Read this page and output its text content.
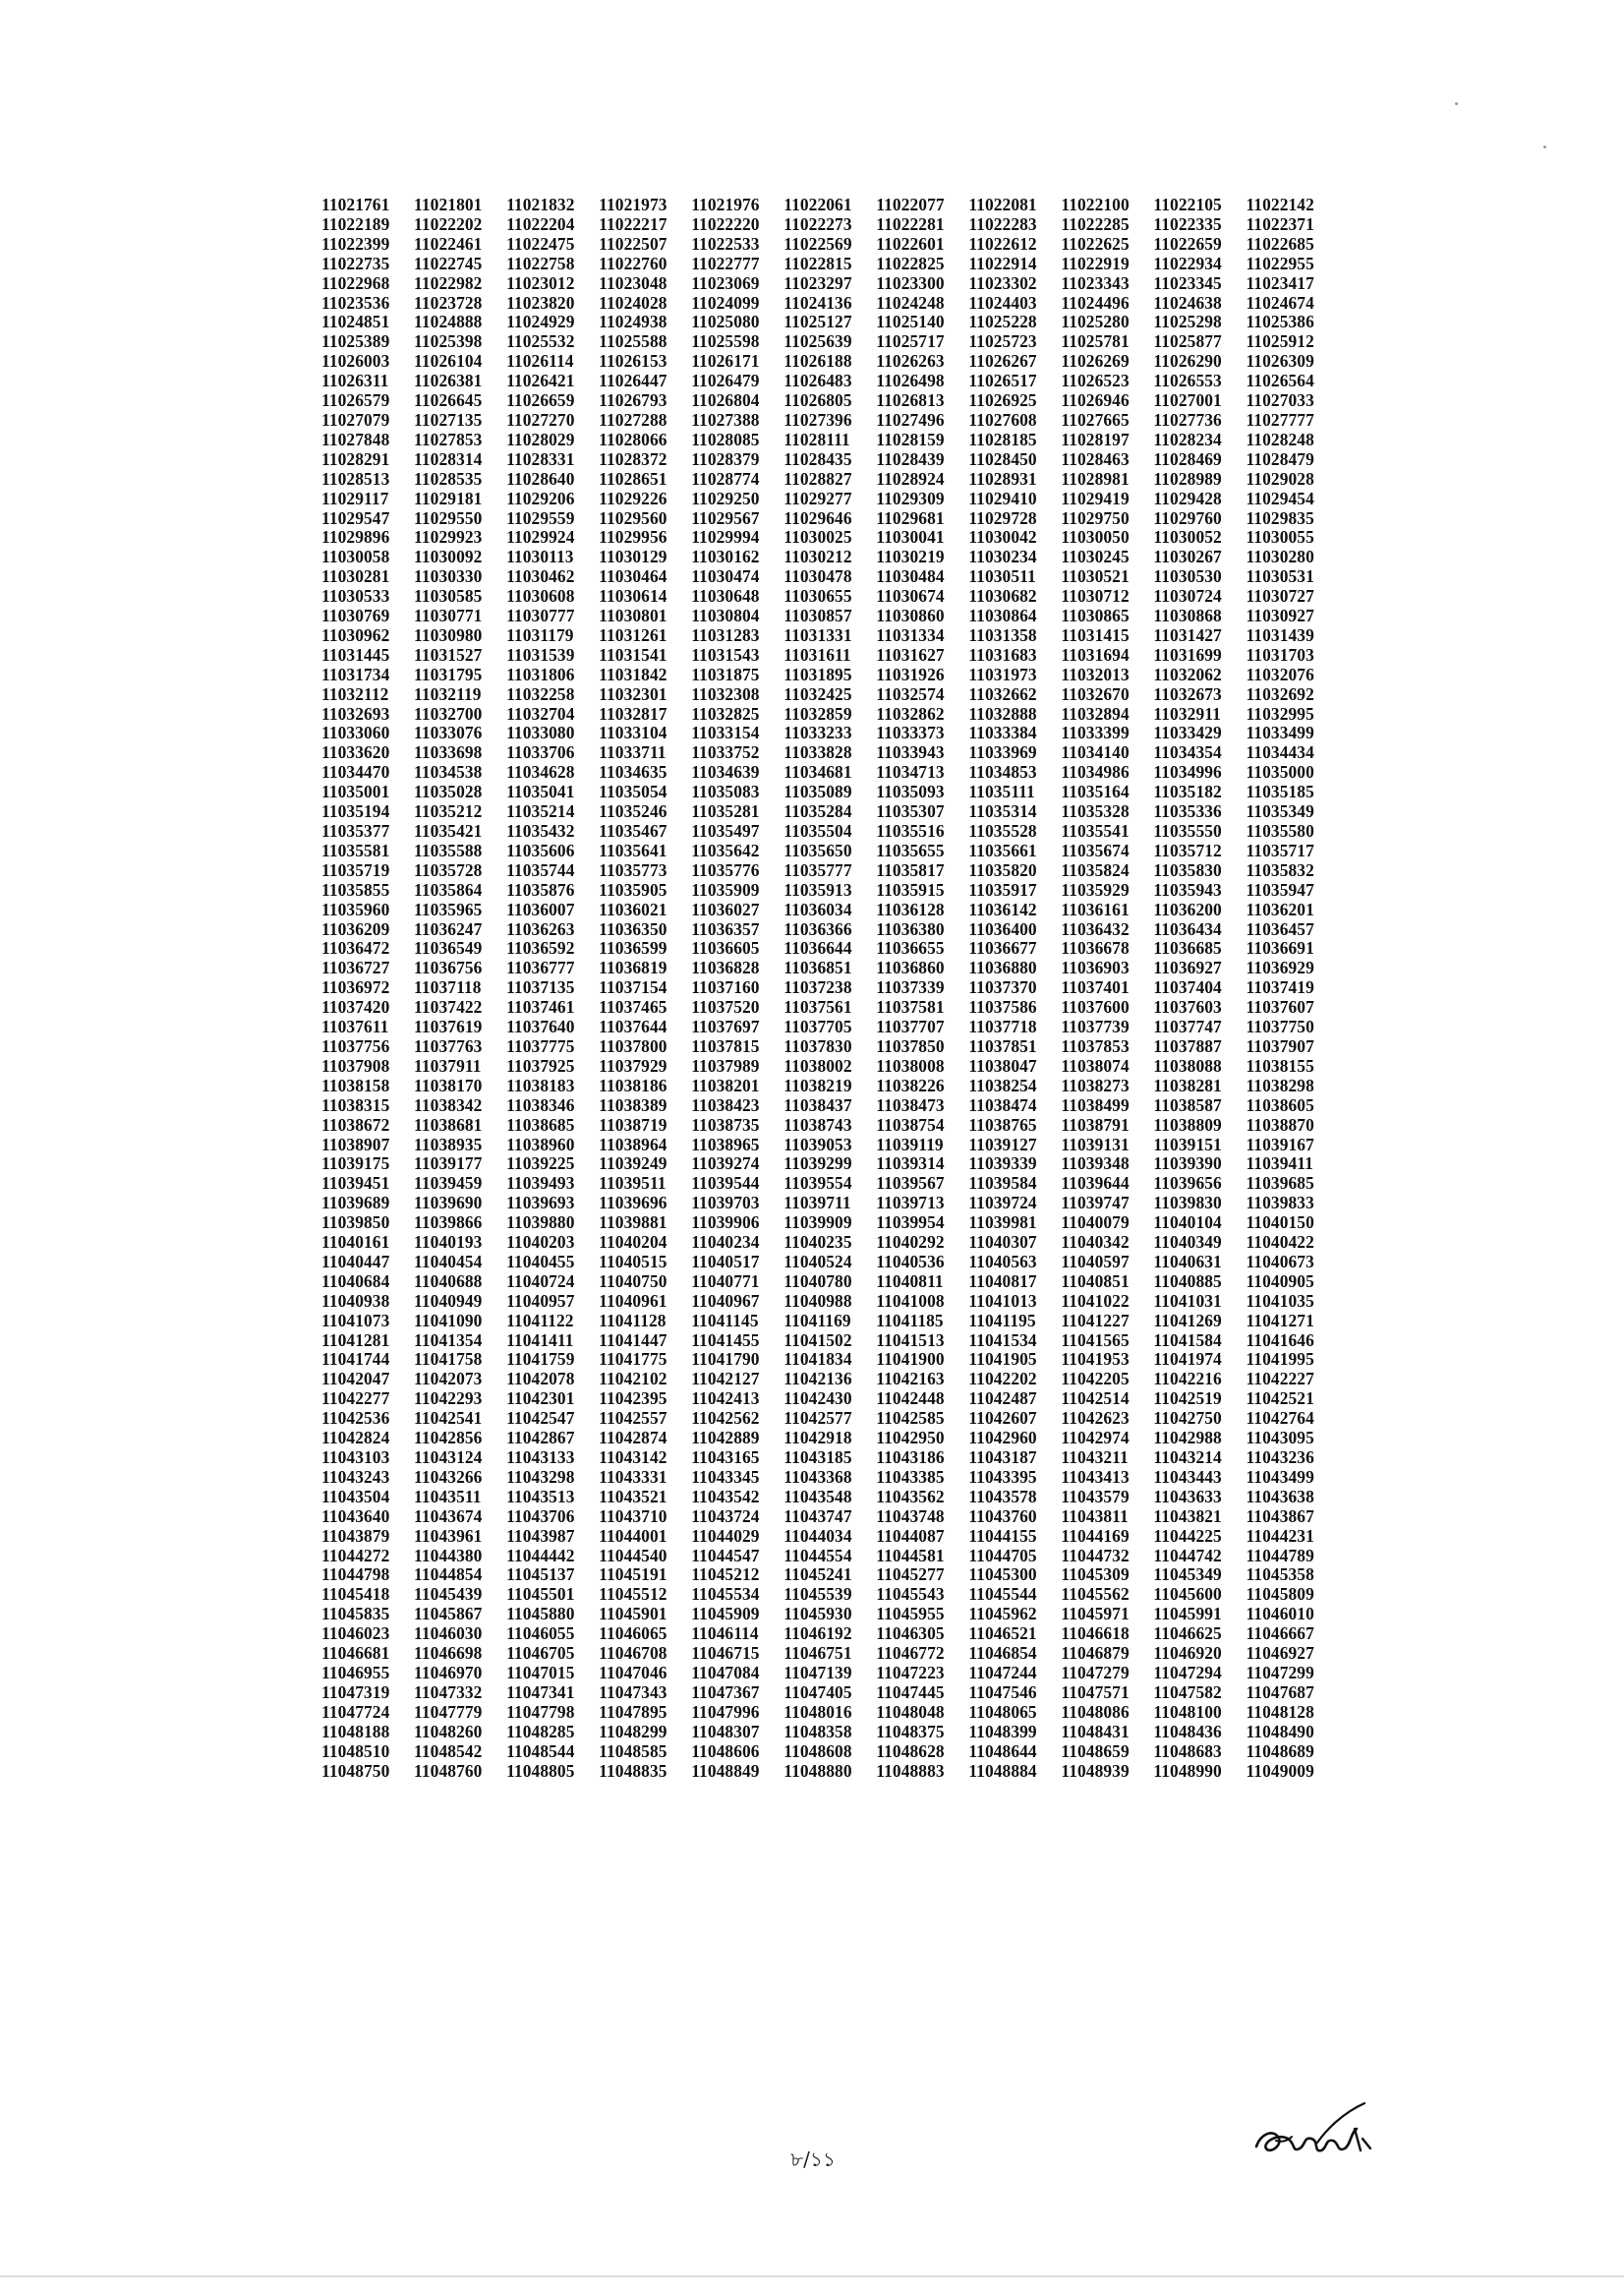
11021761 11021801 11021832 11021973 11021976 11022061 11022077 11022081 11022100 11022105 11022142
11022189 11022202 11022204 11022217 11022220 11022273 11022281 11022283 11022285 11022335 11022371
11022399 11022461 11022475 11022507 11022533 11022569 11022601 11022612 11022625 11022659 11022685
11022735 11022745 11022758 11022760 11022777 11022815 11022825 11022914 11022919 11022934 11022955
11022968 11022982 11023012 11023048 11023069 11023297 11023300 11023302 11023343 11023345 11023417
11023536 11023728 11023820 11024028 11024099 11024136 11024248 11024403 11024496 11024638 11024674
11024851 11024888 11024929 11024938 11025080 11025127 11025140 11025228 11025280 11025298 11025386
11025389 11025398 11025532 11025588 11025598 11025639 11025717 11025723 11025781 11025877 11025912
11026003 11026104 11026114 11026153 11026171 11026188 11026263 11026267 11026269 11026290 11026309
11026311 11026381 11026421 11026447 11026479 11026483 11026498 11026517 11026523 11026553 11026564
11026579 11026645 11026659 11026793 11026804 11026805 11026813 11026925 11026946 11027001 11027033
11027079 11027135 11027270 11027288 11027388 11027396 11027496 11027608 11027665 11027736 11027777
11027848 11027853 11028029 11028066 11028085 11028111 11028159 11028185 11028197 11028234 11028248
11028291 11028314 11028331 11028372 11028379 11028435 11028439 11028450 11028463 11028469 11028479
11028513 11028535 11028640 11028651 11028774 11028827 11028924 11028931 11028981 11028989 11029028
11029117 11029181 11029206 11029226 11029250 11029277 11029309 11029410 11029419 11029428 11029454
11029547 11029550 11029559 11029560 11029567 11029646 11029681 11029728 11029750 11029760 11029835
11029896 11029923 11029924 11029956 11029994 11030025 11030041 11030042 11030050 11030052 11030055
11030058 11030092 11030113 11030129 11030162 11030212 11030219 11030234 11030245 11030267 11030280
11030281 11030330 11030462 11030464 11030474 11030478 11030484 11030511 11030521 11030530 11030531
11030533 11030585 11030608 11030614 11030648 11030655 11030674 11030682 11030712 11030724 11030727
11030769 11030771 11030777 11030801 11030804 11030857 11030860 11030864 11030865 11030868 11030927
11030962 11030980 11031179 11031261 11031283 11031331 11031334 11031358 11031415 11031427 11031439
11031445 11031527 11031539 11031541 11031543 11031611 11031627 11031683 11031694 11031699 11031703
11031734 11031795 11031806 11031842 11031875 11031895 11031926 11031973 11032013 11032062 11032076
11032112 11032119 11032258 11032301 11032308 11032425 11032574 11032662 11032670 11032673 11032692
11032693 11032700 11032704 11032817 11032825 11032859 11032862 11032888 11032894 11032911 11032995
11033060 11033076 11033080 11033104 11033154 11033233 11033373 11033384 11033399 11033429 11033499
11033620 11033698 11033706 11033711 11033752 11033828 11033943 11033969 11034140 11034354 11034434
11034470 11034538 11034628 11034635 11034639 11034681 11034713 11034853 11034986 11034996 11035000
11035001 11035028 11035041 11035054 11035083 11035089 11035093 11035111 11035164 11035182 11035185
11035194 11035212 11035214 11035246 11035281 11035284 11035307 11035314 11035328 11035336 11035349
11035377 11035421 11035432 11035467 11035497 11035504 11035516 11035528 11035541 11035550 11035580
11035581 11035588 11035606 11035641 11035642 11035650 11035655 11035661 11035674 11035712 11035717
11035719 11035728 11035744 11035773 11035776 11035777 11035817 11035820 11035824 11035830 11035832
11035855 11035864 11035876 11035905 11035909 11035913 11035915 11035917 11035929 11035943 11035947
11035960 11035965 11036007 11036021 11036027 11036034 11036128 11036142 11036161 11036200 11036201
11036209 11036247 11036263 11036350 11036357 11036366 11036380 11036400 11036432 11036434 11036457
11036472 11036549 11036592 11036599 11036605 11036644 11036655 11036677 11036678 11036685 11036691
11036727 11036756 11036777 11036819 11036828 11036851 11036860 11036880 11036903 11036927 11036929
11036972 11037118 11037135 11037154 11037160 11037238 11037339 11037370 11037401 11037404 11037419
11037420 11037422 11037461 11037465 11037520 11037561 11037581 11037586 11037600 11037603 11037607
11037611 11037619 11037640 11037644 11037697 11037705 11037707 11037718 11037739 11037747 11037750
11037756 11037763 11037775 11037800 11037815 11037830 11037850 11037851 11037853 11037887 11037907
11037908 11037911 11037925 11037929 11037989 11038002 11038008 11038047 11038074 11038088 11038155
11038158 11038170 11038183 11038186 11038201 11038219 11038226 11038254 11038273 11038281 11038298
11038315 11038342 11038346 11038389 11038423 11038437 11038473 11038474 11038499 11038587 11038605
11038672 11038681 11038685 11038719 11038735 11038743 11038754 11038765 11038791 11038809 11038870
11038907 11038935 11038960 11038964 11038965 11039053 11039119 11039127 11039131 11039151 11039167
11039175 11039177 11039225 11039249 11039274 11039299 11039314 11039339 11039348 11039390 11039411
11039451 11039459 11039493 11039511 11039544 11039554 11039567 11039584 11039644 11039656 11039685
11039689 11039690 11039693 11039696 11039703 11039711 11039713 11039724 11039747 11039830 11039833
11039850 11039866 11039880 11039881 11039906 11039909 11039954 11039981 11040079 11040104 11040150
11040161 11040193 11040203 11040204 11040234 11040235 11040292 11040307 11040342 11040349 11040422
11040447 11040454 11040455 11040515 11040517 11040524 11040536 11040563 11040597 11040631 11040673
11040684 11040688 11040724 11040750 11040771 11040780 11040811 11040817 11040851 11040885 11040905
11040938 11040949 11040957 11040961 11040967 11040988 11041008 11041013 11041022 11041031 11041035
11041073 11041090 11041122 11041128 11041145 11041169 11041185 11041195 11041227 11041269 11041271
11041281 11041354 11041411 11041447 11041455 11041502 11041513 11041534 11041565 11041584 11041646
11041744 11041758 11041759 11041775 11041790 11041834 11041900 11041905 11041953 11041974 11041995
11042047 11042073 11042078 11042102 11042127 11042136 11042163 11042202 11042205 11042216 11042227
11042277 11042293 11042301 11042395 11042413 11042430 11042448 11042487 11042514 11042519 11042521
11042536 11042541 11042547 11042557 11042562 11042577 11042585 11042607 11042623 11042750 11042764
11042824 11042856 11042867 11042874 11042889 11042918 11042950 11042960 11042974 11042988 11043095
11043103 11043124 11043133 11043142 11043165 11043185 11043186 11043187 11043211 11043214 11043236
11043243 11043266 11043298 11043331 11043345 11043368 11043385 11043395 11043413 11043443 11043499
11043504 11043511 11043513 11043521 11043542 11043548 11043562 11043578 11043579 11043633 11043638
11043640 11043674 11043706 11043710 11043724 11043747 11043748 11043760 11043811 11043821 11043867
11043879 11043961 11043987 11044001 11044029 11044034 11044087 11044155 11044169 11044225 11044231
11044272 11044380 11044442 11044540 11044547 11044554 11044581 11044705 11044732 11044742 11044789
11044798 11044854 11045137 11045191 11045212 11045241 11045277 11045300 11045309 11045349 11045358
11045418 11045439 11045501 11045512 11045534 11045539 11045543 11045544 11045562 11045600 11045809
11045835 11045867 11045880 11045901 11045909 11045930 11045955 11045962 11045971 11045991 11046010
11046023 11046030 11046055 11046065 11046114 11046192 11046305 11046521 11046618 11046625 11046667
11046681 11046698 11046705 11046708 11046715 11046751 11046772 11046854 11046879 11046920 11046927
11046955 11046970 11047015 11047046 11047084 11047139 11047223 11047244 11047279 11047294 11047299
11047319 11047332 11047341 11047343 11047367 11047405 11047445 11047546 11047571 11047582 11047687
11047724 11047779 11047798 11047895 11047996 11048016 11048048 11048065 11048086 11048100 11048128
11048188 11048260 11048285 11048299 11048307 11048358 11048375 11048399 11048431 11048436 11048490
11048510 11048542 11048544 11048585 11048606 11048608 11048628 11048644 11048659 11048683 11048689
11048750 11048760 11048805 11048835 11048849 11048880 11048883 11048884 11048939 11048990 11049009
৮/১১
